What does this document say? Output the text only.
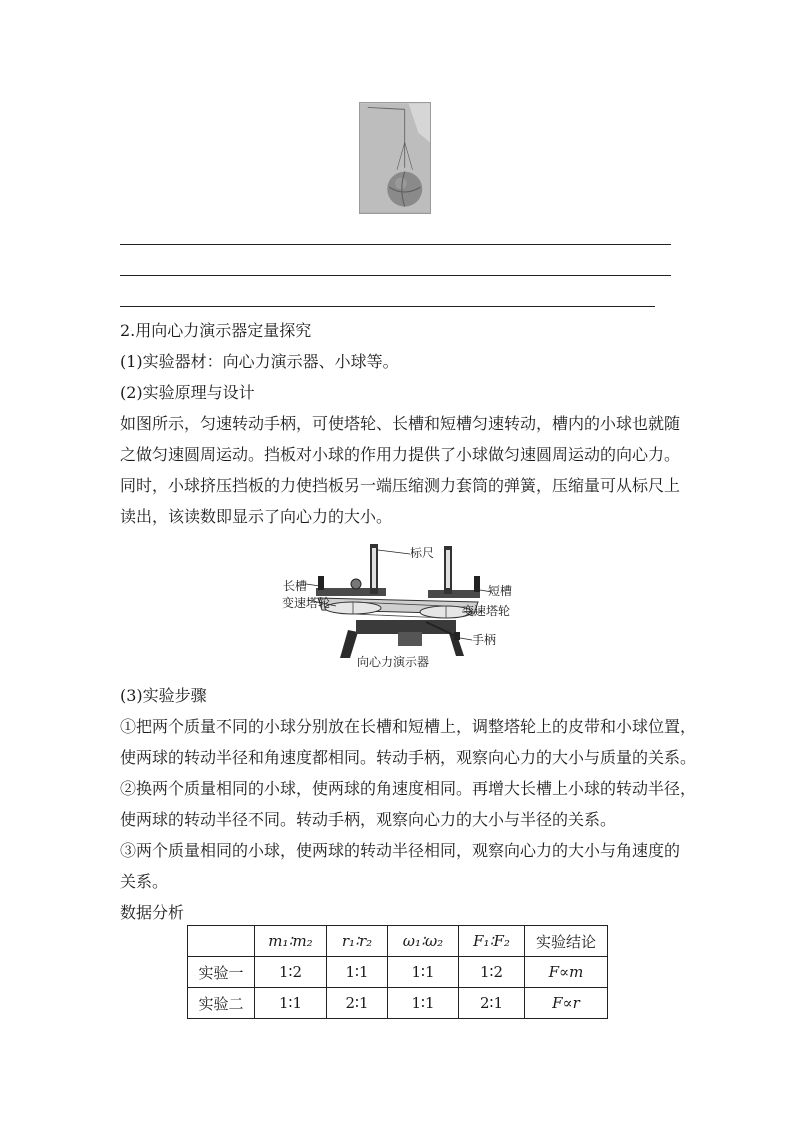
2.用向心力演示器定量探究
(1)实验器材：向心力演示器、小球等。
(2)实验原理与设计
如图所示，匀速转动手柄，可使塔轮、长槽和短槽匀速转动，槽内的小球也就随
之做匀速圆周运动。挡板对小球的作用力提供了小球做匀速圆周运动的向心力。
同时，小球挤压挡板的力使挡板另一端压缩测力套筒的弹簧，压缩量可从标尺上
读出，该读数即显示了向心力的大小。
标尺
长槽	短槽
变速塔轮
变速塔轮
手柄
向心力演示器
(3)实验步骤
①把两个质量不同的小球分别放在长槽和短槽上，调整塔轮上的皮带和小球位置，
使两球的转动半径和角速度都相同。转动手柄，观察向心力的大小与质量的关系。
②换两个质量相同的小球，使两球的角速度相同。再增大长槽上小球的转动半径，
使两球的转动半径不同。转动手柄，观察向心力的大小与半径的关系。
③两个质量相同的小球，使两球的转动半径相同，观察向心力的大小与角速度的
关系。
数据分析
	m₁∶m₂	r₁∶r₂	ω₁∶ω₂	F₁∶F₂	实验结论
实验一	1∶2	1∶1	1∶1	1∶2	F∝m
实验二	1∶1	2∶1	1∶1	2∶1	F∝r
